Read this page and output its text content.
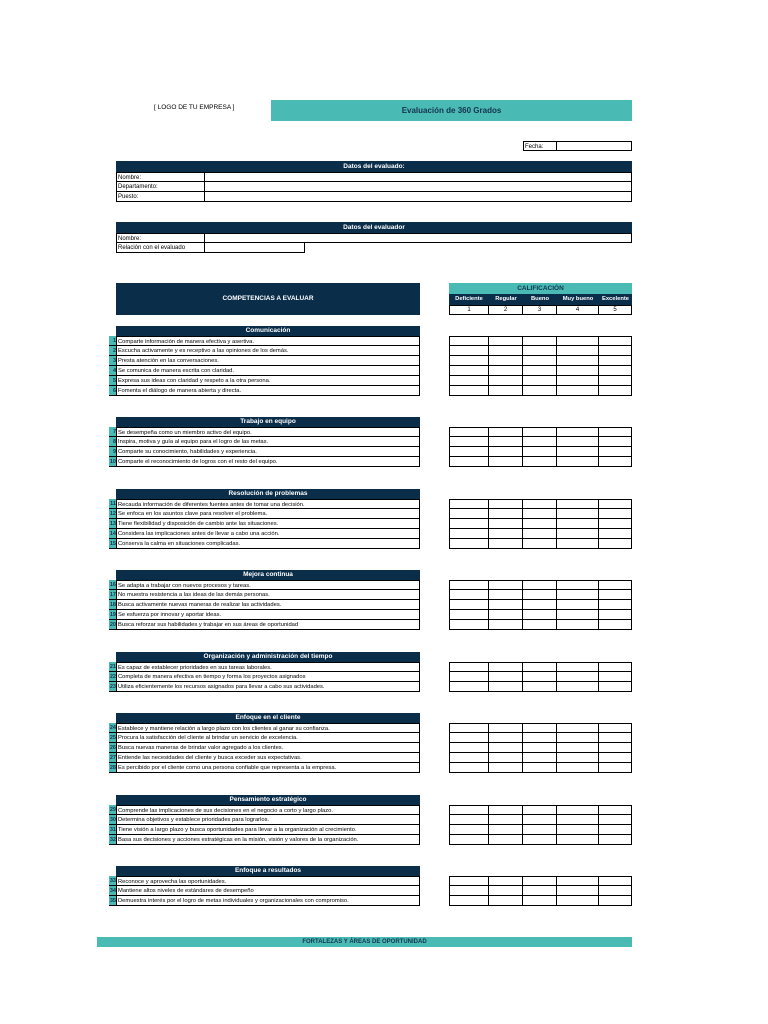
[ LOGO DE TU EMPRESA ]	Evaluación de 360 Grados
Fecha:
Datos del evaluado:
Nombre:
Departamento:
Puesto:
Datos del evaluador
Nombre:
Relación con el evaluado
COMPETENCIAS A EVALUAR
CALIFICACIÓN
Deficiente	Regular	Bueno	Muy bueno	Excelente
1	2	3	4	5
Comunicación
1 Comparte información de manera efectiva y asertiva.
2 Escucha activamente y es receptivo a las opiniones de los demás.
3 Presta atención en las conversaciones.
4 Se comunica de manera escrita con claridad.
5 Expresa sus ideas con claridad y respeto a la otra persona.
6 Fomenta el diálogo de manera abierta y directa.
Trabajo en equipo
7 Se desempeña como un miembro activo del equipo.
8 Inspira, motiva y guía al equipo para el logro de las metas.
9 Comparte su conocimiento, habilidades y experiencia.
10 Comparte el reconocimiento de logros con el resto del equipo.
Resolución de problemas
11 Recauda información de diferentes fuentes antes de tomar una decisión.
12 Se enfoca en los asuntos clave para resolver el problema.
13 Tiene flexibilidad y disposición de cambio ante las situaciones.
14 Considera las implicaciones antes de llevar a cabo una acción.
15 Conserva la calma en situaciones complicadas.
Mejora continua
16 Se adapta a trabajar con nuevos procesos y tareas.
17 No muestra resistencia a las ideas de las demás personas.
18 Busca activamente nuevas maneras de realizar las actividades.
19 Se esfuerza por innovar y aportar ideas.
20 Busca reforzar sus habilidades y trabajar en sus áreas de oportunidad
Organización y administración del tiempo
21 Es capaz de establecer prioridades en sus tareas laborales.
22 Completa de manera efectiva en tiempo y forma los proyectos asignados
23 Utiliza eficientemente los recursos asignados para llevar a cabo sus actividades.
Enfoque en el cliente
24 Establece y mantiene relación a largo plazo con los clientes al ganar su confianza.
25 Procura la satisfacción del cliente al brindar un servicio de excelencia.
26 Busca nuevas maneras de brindar valor agregado a los clientes.
27 Entiende las necesidades del cliente y busca exceder sus expectativas.
28 Es percibido por el cliente como una persona confiable que representa a la empresa.
Pensamiento estratégico
29 Comprende las implicaciones de sus decisiones en el negocio a corto y largo plazo.
30 Determina objetivos y establece prioridades para lograrlos.
31 Tiene visión a largo plazo y busca oportunidades para llevar a la organización al crecimiento.
32 Basa sus decisiones y acciones estratégicas en la misión, visión y valores de la organización.
Enfoque a resultados
33 Reconoce y aprovecha las oportunidades.
34 Mantiene altos niveles de estándares de desempeño
35 Demuestra interés por el logro de metas individuales y organizacionales con compromiso.
FORTALEZAS Y ÁREAS DE OPORTUNIDAD
